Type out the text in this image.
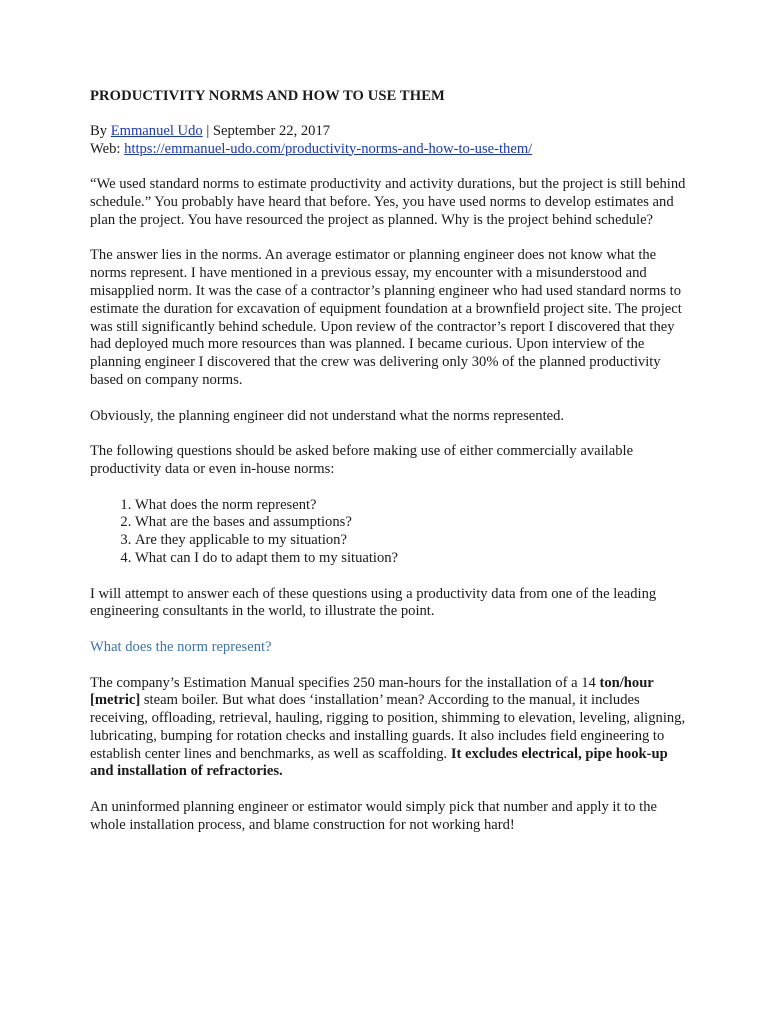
PRODUCTIVITY NORMS AND HOW TO USE THEM
By Emmanuel Udo | September 22, 2017
Web: https://emmanuel-udo.com/productivity-norms-and-how-to-use-them/

“We used standard norms to estimate productivity and activity durations, but the project is still behind schedule.” You probably have heard that before. Yes, you have used norms to develop estimates and plan the project. You have resourced the project as planned. Why is the project behind schedule?

The answer lies in the norms. An average estimator or planning engineer does not know what the norms represent. I have mentioned in a previous essay, my encounter with a misunderstood and misapplied norm. It was the case of a contractor’s planning engineer who had used standard norms to estimate the duration for excavation of equipment foundation at a brownfield project site. The project was still significantly behind schedule. Upon review of the contractor’s report I discovered that they had deployed much more resources than was planned. I became curious. Upon interview of the planning engineer I discovered that the crew was delivering only 30% of the planned productivity based on company norms.

Obviously, the planning engineer did not understand what the norms represented.

The following questions should be asked before making use of either commercially available productivity data or even in-house norms:

1. What does the norm represent?
2. What are the bases and assumptions?
3. Are they applicable to my situation?
4. What can I do to adapt them to my situation?

I will attempt to answer each of these questions using a productivity data from one of the leading engineering consultants in the world, to illustrate the point.

What does the norm represent?

The company’s Estimation Manual specifies 250 man-hours for the installation of a 14 ton/hour [metric] steam boiler. But what does ‘installation’ mean? According to the manual, it includes receiving, offloading, retrieval, hauling, rigging to position, shimming to elevation, leveling, aligning, lubricating, bumping for rotation checks and installing guards. It also includes field engineering to establish center lines and benchmarks, as well as scaffolding. It excludes electrical, pipe hook-up and installation of refractories.

An uninformed planning engineer or estimator would simply pick that number and apply it to the whole installation process, and blame construction for not working hard!
